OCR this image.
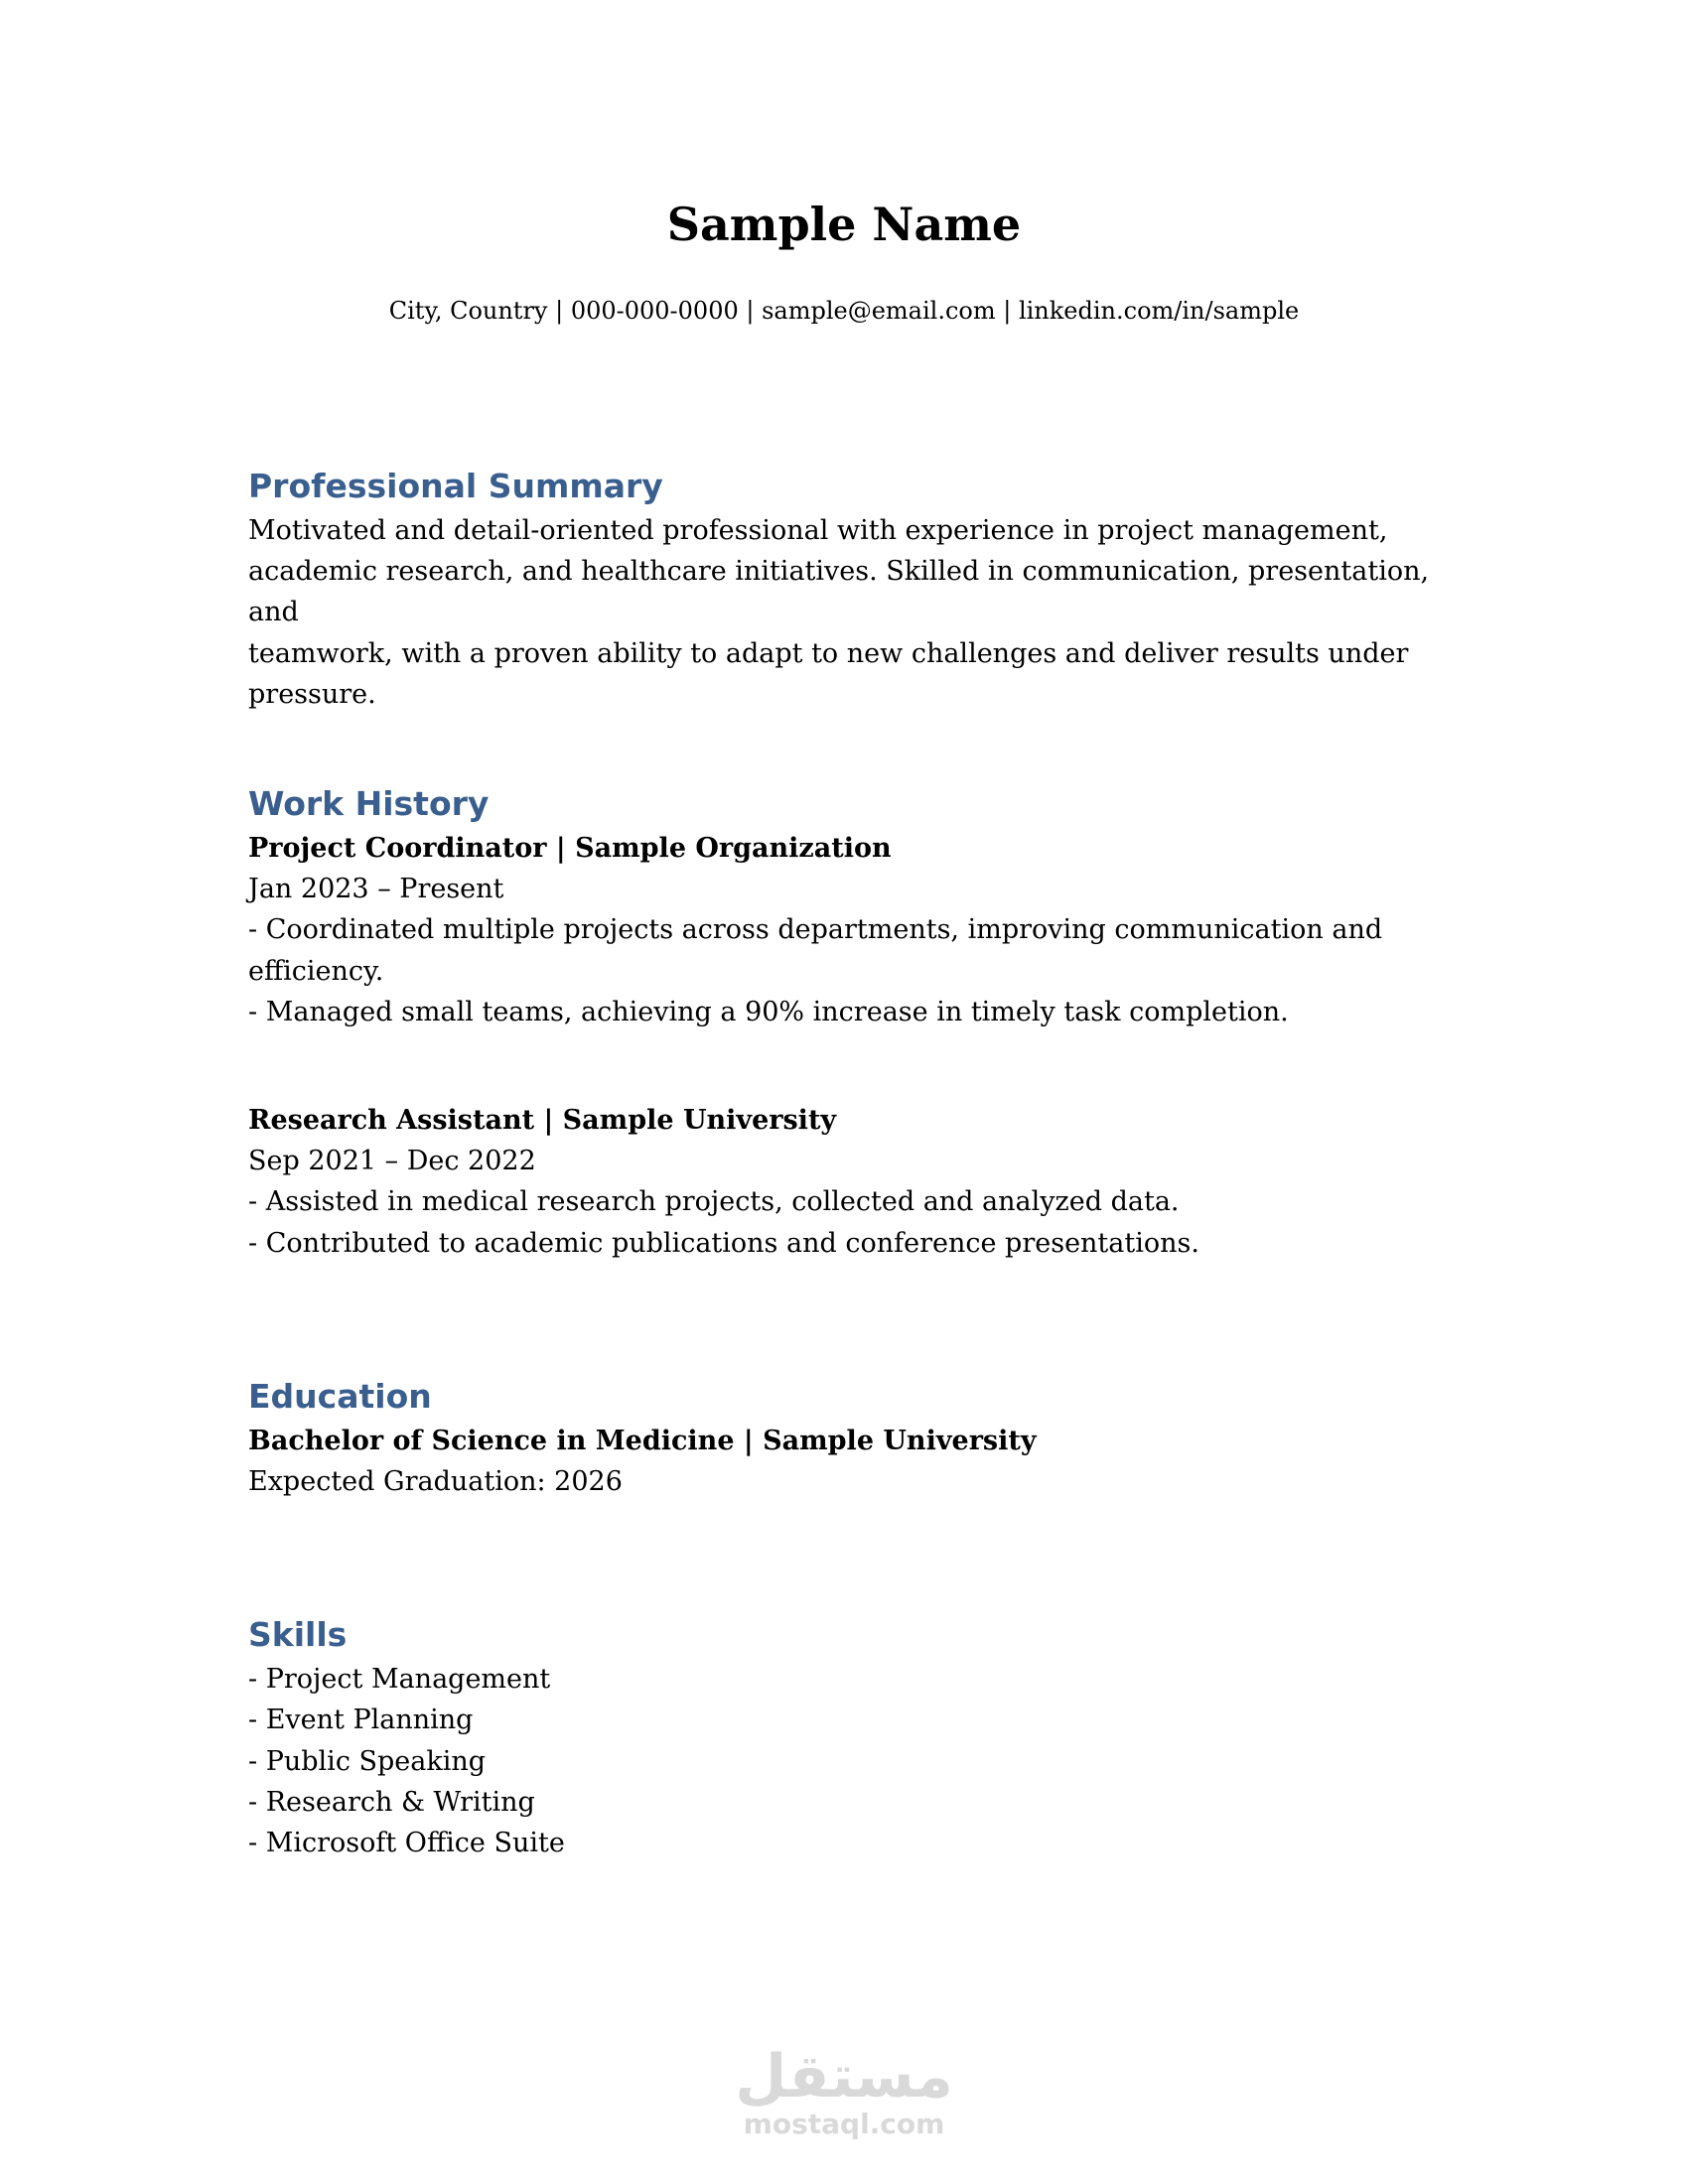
Sample Name
City, Country | 000-000-0000 | sample@email.com | linkedin.com/in/sample
Professional Summary

Motivated and detail-oriented professional with experience in project management,

academic research, and healthcare initiatives. Skilled in communication, presentation, and

teamwork, with a proven ability to adapt to new challenges and deliver results under

pressure.

Work History

Project Coordinator | Sample Organization

Jan 2023 – Present

- Coordinated multiple projects across departments, improving communication and

efficiency.

- Managed small teams, achieving a 90% increase in timely task completion.

Research Assistant | Sample University

Sep 2021 – Dec 2022

- Assisted in medical research projects, collected and analyzed data.

- Contributed to academic publications and conference presentations.

Education

Bachelor of Science in Medicine | Sample University

Expected Graduation: 2026

Skills

- Project Management

- Event Planning

- Public Speaking

- Research & Writing

- Microsoft Office Suite

مستقل
mostaql.com
